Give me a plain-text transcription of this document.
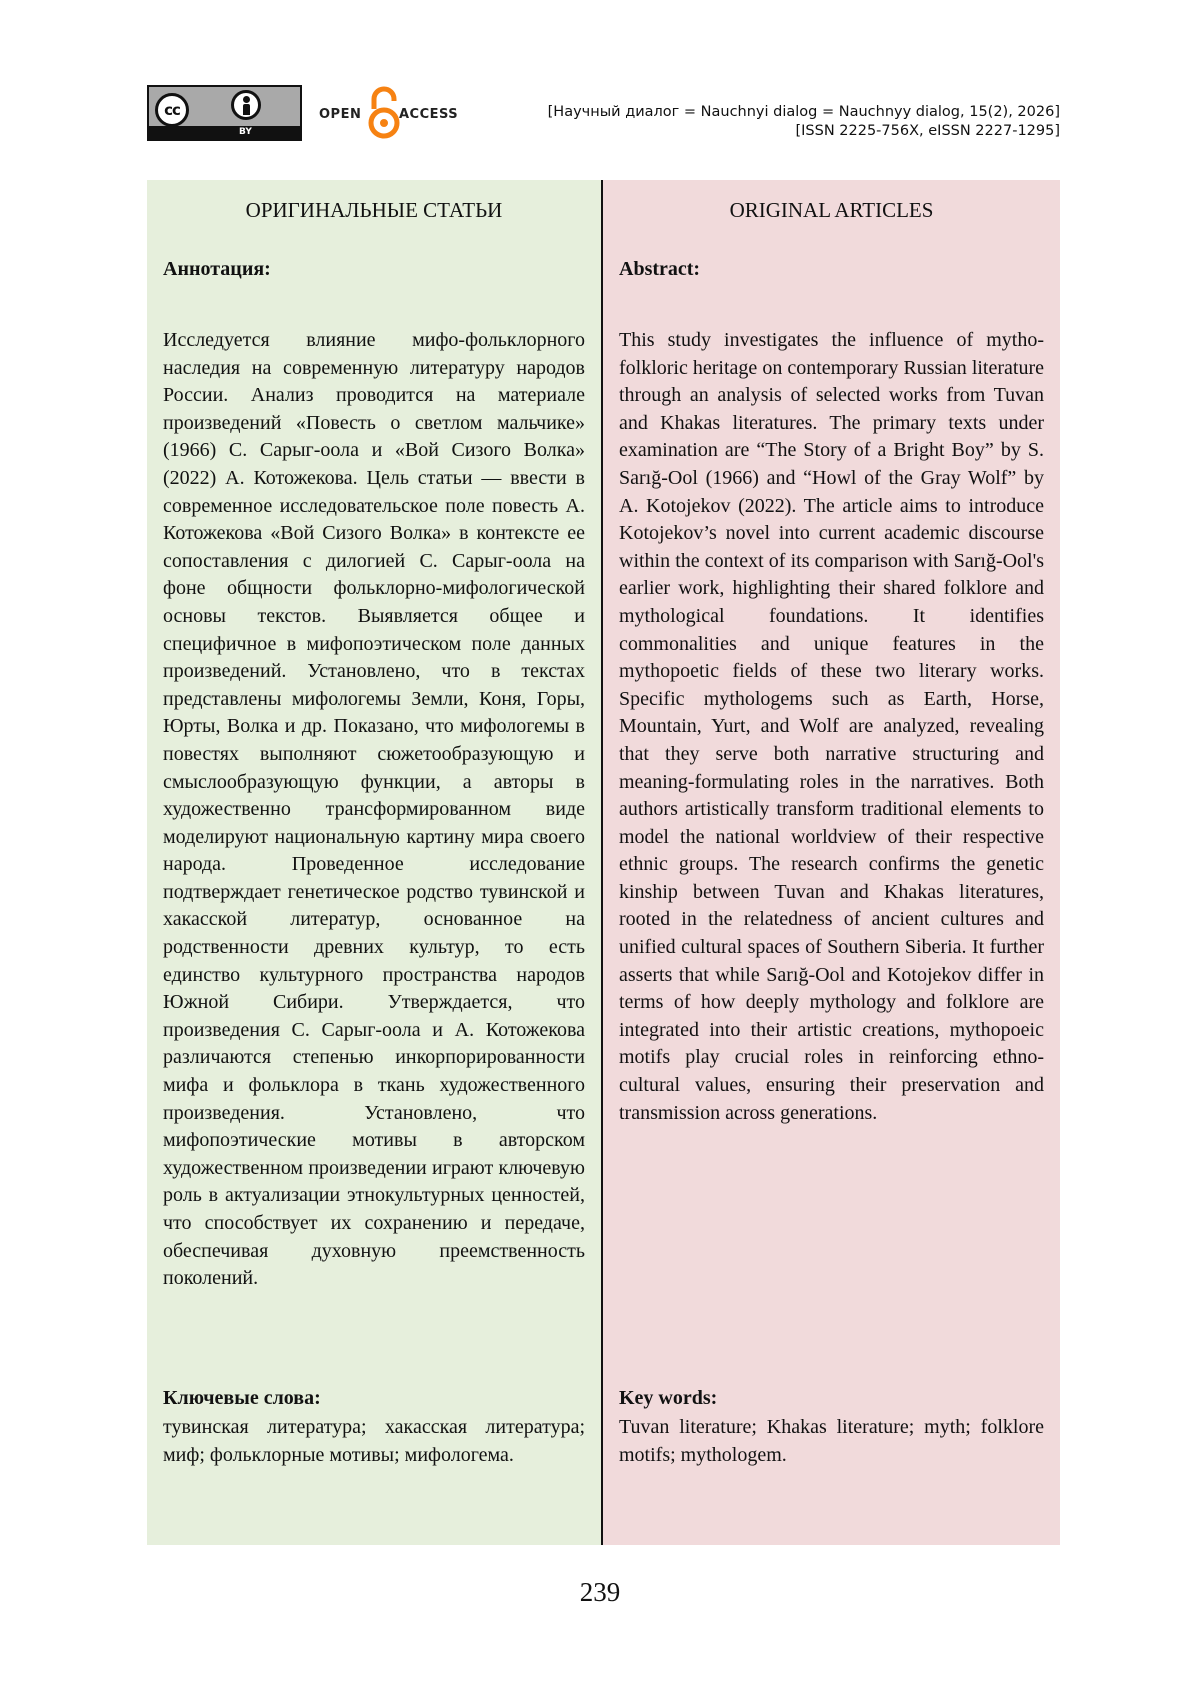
cc
BY
OPEN	ACCESS	[Научный диалог = Nauchnyi dialog = Nauchnyy dialog, 15(2), 2026]
[ISSN 2225-756X, eISSN 2227-1295]
ОРИГИНАЛЬНЫЕ СТАТЬИ
Аннотация:
Исследуется влияние мифо-фольклорного наследия на современную литературу народов России. Анализ проводится на материале произведений «Повесть о светлом мальчике» (1966) С. Сарыг-оола и «Вой Сизого Волка» (2022) А. Котожекова. Цель статьи — ввести в современное исследовательское поле повесть А. Котожекова «Вой Сизого Волка» в контексте ее сопоставления с дилогией С. Сарыг-оола на фоне общности фольклорно-мифологической основы текстов. Выявляется общее и специфичное в мифопоэтическом поле данных произведений. Установлено, что в текстах представлены мифологемы Земли, Коня, Горы, Юрты, Волка и др. Показано, что мифологемы в повестях выполняют сюжетообразующую и смыслообразующую функции, а авторы в художественно трансформированном виде моделируют национальную картину мира своего народа. Проведенное исследование подтверждает генетическое родство тувинской и хакасской литератур, основанное на родственности древних культур, то есть единство культурного пространства народов Южной Сибири. Утверждается, что произведения С. Сарыг-оола и А. Котожекова различаются степенью инкорпорированности мифа и фольклора в ткань художественного произведения. Установлено, что мифопоэтические мотивы в авторском художественном произведении играют ключевую роль в актуализации этнокультурных ценностей, что способствует их сохранению и передаче, обеспечивая духовную преемственность поколений.
Ключевые слова:
тувинская литература; хакасская литература; миф; фольклорные мотивы; мифологема.
ORIGINAL ARTICLES
Abstract:
This study investigates the influence of mytho-folkloric heritage on contemporary Russian literature through an analysis of selected works from Tuvan and Khakas literatures. The primary texts under examination are “The Story of a Bright Boy” by S. Sarığ-Ool (1966) and “Howl of the Gray Wolf” by A. Kotojekov (2022). The article aims to introduce Kotojekov’s novel into current academic discourse within the context of its comparison with Sarığ-Ool's earlier work, highlighting their shared folklore and mythological foundations. It identifies commonalities and unique features in the mythopoetic fields of these two literary works. Specific mythologems such as Earth, Horse, Mountain, Yurt, and Wolf are analyzed, revealing that they serve both narrative structuring and meaning-formulating roles in the narratives. Both authors artistically transform traditional elements to model the national worldview of their respective ethnic groups. The research confirms the genetic kinship between Tuvan and Khakas literatures, rooted in the relatedness of ancient cultures and unified cultural spaces of Southern Siberia. It further asserts that while Sarığ-Ool and Kotojekov differ in terms of how deeply mythology and folklore are integrated into their artistic creations, mythopoeic motifs play crucial roles in reinforcing ethno-cultural values, ensuring their preservation and transmission across generations.
Key words:
Tuvan literature; Khakas literature; myth; folklore motifs; mythologem.
239
